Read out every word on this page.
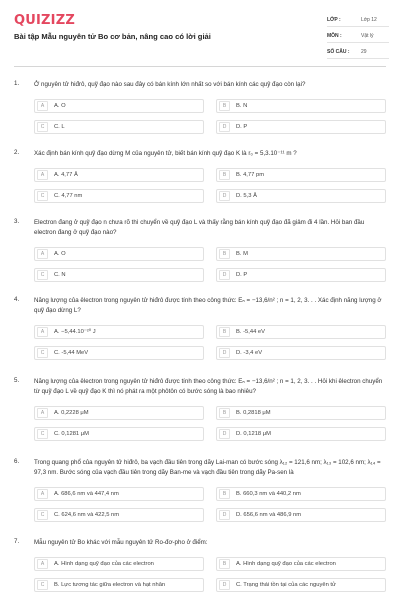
QUIZIZZ
Bài tập Mẫu nguyên tử Bo cơ bản, nâng cao có lời giải
LỚP :	Lớp 12
MÔN :	Vật lý
SỐ CÂU :	29
1.	Ở nguyên tử hiđrô, quỹ đạo nào sau đây có bán kính lớn nhất so với bán kính các quỹ đạo còn lại?
A	A. O	B	B. N
C	C. L	D	D. P
2.	Xác định bán kính quỹ đạo dừng M của nguyên tử, biết bán kính quỹ đạo K là r₀ = 5,3.10⁻¹¹ m ?
A	A. 4,77 Å	B	B. 4,77 pm
C	C. 4,77 nm	D	D. 5,3 Å
3.	Electron đang ở quỹ đạo n chưa rõ thì chuyển về quỹ đạo L và thấy rằng bán kính quỹ đạo đã giảm đi 4 lần. Hỏi ban đầu electron đang ở quỹ đạo nào?
A	A. O	B	B. M
C	C. N	D	D. P
4.	Năng lượng của êlectron trong nguyên tử hiđrô được tính theo công thức: Eₙ = −13,6/n² ; n = 1, 2, 3. . . Xác định năng lượng ở quỹ đạo dừng L?
A	A. −5,44.10⁻²⁰ J	B	B. -5,44 eV
C	C. -5,44 MeV	D	D. -3,4 eV
5.	Năng lượng của êlectron trong nguyên tử hiđrô được tính theo công thức: Eₙ = −13,6/n² ; n = 1, 2, 3. . . Hỏi khi êlectron chuyển từ quỹ đạo L về quỹ đạo K thì nó phát ra một phôtôn có bước sóng là bao nhiêu?
A	A. 0,2228 μM	B	B. 0,2818 μM
C	C. 0,1281 μM	D	D. 0,1218 μM
6.	Trong quang phổ của nguyên tử hiđrô, ba vạch đầu tiên trong dãy Lai-man có bước sóng λ₁₂ = 121,6 nm; λ₁₃ = 102,6 nm; λ₁₄ = 97,3 nm. Bước sóng của vạch đầu tiên trong dãy Ban-me và vạch đầu tiên trong dãy Pa-sen là
A	A. 686,6 nm và 447,4 nm	B	B. 660,3 nm và 440,2 nm
C	C. 624,6 nm và 422,5 nm	D	D. 656,6 nm và 486,9 nm
7.	Mẫu nguyên tử Bo khác với mẫu nguyên tử Ro-đơ-pho ở điểm:
A	A. Hình dạng quỹ đạo của các electron	B	A. Hình dạng quỹ đạo của các electron
C	B. Lực tương tác giữa electron và hạt nhân	D	C. Trạng thái tồn tại của các nguyên tử
